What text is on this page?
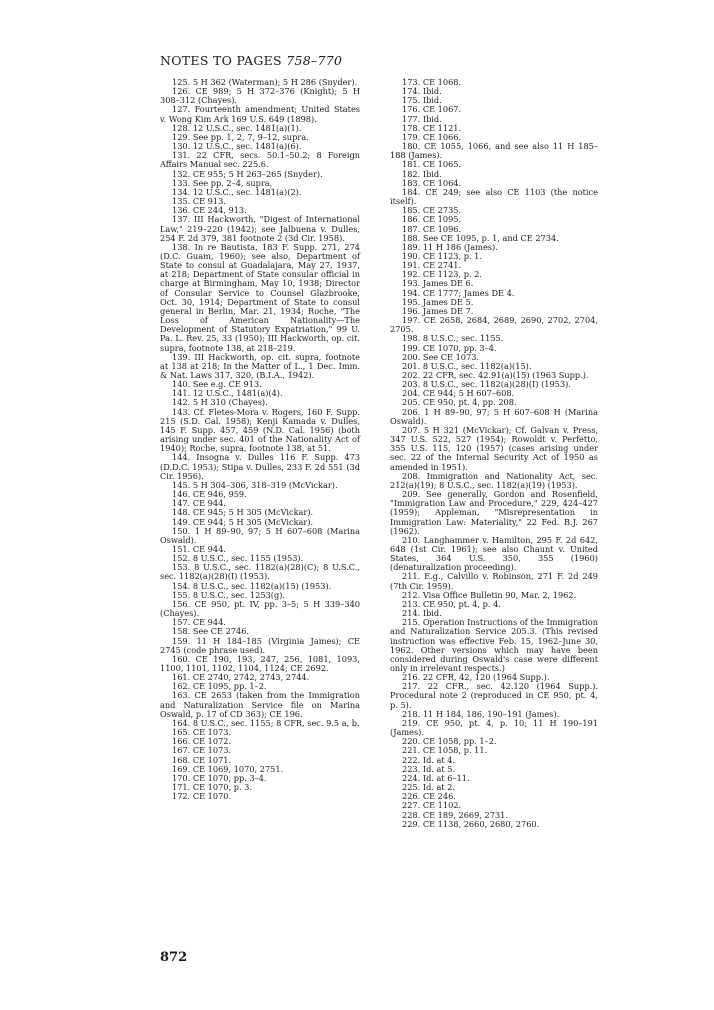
NOTES TO PAGES 758–770

125. 5 H 362 (Waterman); 5 H 286 (Snyder).

126. CE 989; 5 H 372–376 (Knight); 5 H 308–312 (Chayes).

127. Fourteenth amendment; United States v. Wong Kim Ark 169 U.S. 649 (1898).

128. 12 U.S.C., sec. 1481(a)(1).

129. See pp. 1, 2, 7, 9–12, supra.

130. 12 U.S.C., sec. 1481(a)(6).

131. 22 CFR, secs. 50.1–50.2; 8 Foreign Affairs Manual sec. 225.6.

132. CE 955; 5 H 263–265 (Snyder).

133. See pp. 2–4, supra.

134. 12 U.S.C., sec. 1481(a)(2).

135. CE 913.

136. CE 244, 913.

137. III Hackworth, "Digest of International Law," 219–220 (1942); see Jalbuena v. Dulles, 254 F. 2d 379, 381 footnote 2 (3d Cir. 1958).

138. In re Bautista, 183 F. Supp. 271, 274 (D.C. Guam, 1960); see also, Department of State to consul at Guadalajara, May 27, 1937, at 218; Department of State consular official in charge at Birmingham, May 10, 1938; Director of Consular Service to Counsel Glazbrooke, Oct. 30, 1914; Department of State to consul general in Berlin, Mar. 21, 1934; Roche, "The Loss of American Nationality—The Development of Statutory Expatriation," 99 U. Pa. L. Rev. 25, 33 (1950); III Hackworth, op. cit. supra, footnote 138, at 218–219.

139. III Hackworth, op. cit. supra, footnote at 138 at 218; In the Matter of L., 1 Dec. Imm. & Nat. Laws 317, 320, (B.I.A., 1942).

140. See e.g. CE 913.

141. 12 U.S.C., 1481(a)(4).

142. 5 H 310 (Chayes).

143. Cf. Fletes-Mora v. Rogers, 160 F. Supp. 215 (S.D. Cal. 1958); Kenji Kamada v. Dulles, 145 F. Supp. 457, 459 (N.D. Cal. 1956) (both arising under sec. 401 of the Nationality Act of 1940); Roche, supra, footnote 138, at 51.

144. Insogna v. Dulles 116 F. Supp. 473 (D.D.C. 1953); Stipa v. Dulles, 233 F. 2d 551 (3d Cir. 1956).

145. 5 H 304–306, 318–319 (McVickar).

146. CE 946, 959.

147. CE 944.

148. CE 945; 5 H 305 (McVickar).

149. CE 944; 5 H 305 (McVickar).

150. 1 H 89–90, 97; 5 H 607–608 (Marina Oswald).

151. CE 944.

152. 8 U.S.C., sec. 1155 (1953).

153. 8 U.S.C., sec. 1182(a)(28)(C); 8 U.S.C., sec. 1182(a)(28)(I) (1953).

154. 8 U.S.C., sec. 1182(a)(15) (1953).

155. 8 U.S.C., sec. 1253(g).

156. CE 950, pt. IV, pp. 3–5; 5 H 339–340 (Chayes).

157. CE 944.

158. See CE 2746.

159. 11 H 184–185 (Virginia James); CE 2745 (code phrase used).

160. CE 190, 193, 247, 256, 1081, 1093, 1100, 1101, 1102, 1104, 1124; CE 2692.

161. CE 2740, 2742, 2743, 2744.

162. CE 1095, pp. 1–2.

163. CE 2653 (taken from the Immigration and Naturalization Service file on Marina Oswald, p. 17 of CD 363); CE 196.

164. 8 U.S.C., sec. 1155; 8 CFR, sec. 9.5 a, b.

165. CE 1073.

166. CE 1072.

167. CE 1073.

168. CE 1071.

169. CE 1069, 1070, 2751.

170. CE 1070, pp. 3–4.

171. CE 1070, p. 3.

172. CE 1070.

173. CE 1068.

174. Ibid.

175. Ibid.

176. CE 1067.

177. Ibid.

178. CE 1121.

179. CE 1066.

180. CE 1055, 1066, and see also 11 H 185–188 (James).

181. CE 1065.

182. Ibid.

183. CE 1064.

184. CE 249; see also CE 1103 (the notice itself).

185. CE 2735.

186. CE 1095.

187. CE 1096.

188. See CE 1095, p. 1, and CE 2734.

189. 11 H 186 (James).

190. CE 1123, p. 1.

191. CE 2741.

192. CE 1123, p. 2.

193. James DE 6.

194. CE 1777; James DE 4.

195. James DE 5.

196. James DE 7.

197. CE 2658, 2684, 2689, 2690, 2702, 2704, 2705.

198. 8 U.S.C., sec. 1155.

199. CE 1070, pp. 3–4.

200. See CE 1073.

201. 8 U.S.C., sec. 1182(a)(15).

202. 22 CFR, sec. 42.91(a)(15) (1963 Supp.).

203. 8 U.S.C., sec. 1182(a)(28)(I) (1953).

204. CE 944; 5 H 607–608.

205. CE 950, pt. 4, pp. 208.

206. 1 H 89–90, 97; 5 H 607–608 H (Marina Oswald).

207. 5 H 321 (McVickar); Cf. Galvan v. Press, 347 U.S. 522, 527 (1954); Rowoldt v. Perfetto, 355 U.S. 115, 120 (1957) (cases arising under sec. 22 of the Internal Security Act of 1950 as amended in 1951).

208. Immigration and Nationality Act, sec. 212(a)(19); 8 U.S.C., sec. 1182(a)(19) (1953).

209. See generally, Gordon and Rosenfield, "Immigration Law and Procedure," 229, 424–427 (1959); Appleman, "Misrepresentation in Immigration Law: Materiality," 22 Fed. B.J. 267 (1962).

210. Langhammer v. Hamilton, 295 F. 2d 642, 648 (1st Cir. 1961); see also Chaunt v. United States, 364 U.S. 350, 355 (1960) (denaturalization proceeding).

211. E.g., Calvillo v. Robinson, 271 F. 2d 249 (7th Cir. 1959).

212. Visa Office Bulletin 90, Mar. 2, 1962.

213. CE 950, pt. 4, p. 4.

214. Ibid.

215. Operation Instructions of the Immigration and Naturalization Service 205.3. (This revised instruction was effective Feb. 15, 1962–June 30, 1962. Other versions which may have been considered during Oswald's case were different only in irrelevant respects.)

216. 22 CFR, 42, 120 (1964 Supp.).

217. 22 CFR., sec. 42.120 (1964 Supp.). Procedural note 2 (reproduced in CE 950, pt. 4, p. 5).

218. 11 H 184, 186, 190–191 (James).

219. CE 950, pt. 4, p. 10; 11 H 190–191 (James).

220. CE 1058, pp. 1–2.

221. CE 1058, p. 11.

222. Id. at 4.

223. Id. at 5.

224. Id. at 6–11.

225. Id. at 2.

226. CE 246.

227. CE 1102.

228. CE 189, 2669, 2731.

229. CE 1138, 2660, 2680, 2760.

872
